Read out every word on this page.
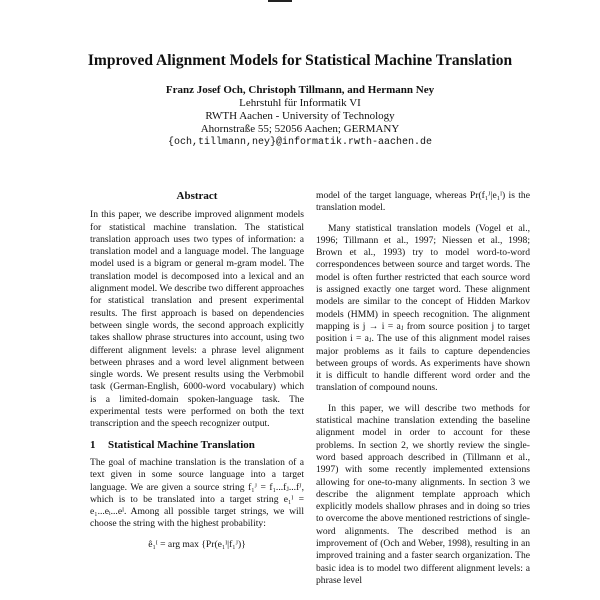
Improved Alignment Models for Statistical Machine Translation
Franz Josef Och, Christoph Tillmann, and Hermann Ney
Lehrstuhl für Informatik VI
RWTH Aachen - University of Technology
Ahornstraße 55; 52056 Aachen; GERMANY
{och,tillmann,ney}@informatik.rwth-aachen.de
Abstract

In this paper, we describe improved alignment models for statistical machine translation. The statistical translation approach uses two types of information: a translation model and a language model. The language model used is a bigram or general m-gram model. The translation model is decomposed into a lexical and an alignment model. We describe two different approaches for statistical translation and present experimental results. The first approach is based on dependencies between single words, the second approach explicitly takes shallow phrase structures into account, using two different alignment levels: a phrase level alignment between phrases and a word level alignment between single words. We present results using the Verbmobil task (German-English, 6000-word vocabulary) which is a limited-domain spoken-language task. The experimental tests were performed on both the text transcription and the speech recognizer output.

1 Statistical Machine Translation

The goal of machine translation is the translation of a text given in some source language into a target language. We are given a source string f₁ᴶ = f₁...fⱼ...fᴶ, which is to be translated into a target string e₁ᴵ = e₁...eᵢ...eᴵ. Among all possible target strings, we will choose the string with the highest probability:

ê₁ᴵ = arg max {Pr(e₁ᴵ|f₁ᴶ)}

model of the target language, whereas Pr(f₁ᴶ|e₁ᴵ) is the translation model.

Many statistical translation models (Vogel et al., 1996; Tillmann et al., 1997; Niessen et al., 1998; Brown et al., 1993) try to model word-to-word correspondences between source and target words. The model is often further restricted that each source word is assigned exactly one target word. These alignment models are similar to the concept of Hidden Markov models (HMM) in speech recognition. The alignment mapping is j → i = aⱼ from source position j to target position i = aⱼ. The use of this alignment model raises major problems as it fails to capture dependencies between groups of words. As experiments have shown it is difficult to handle different word order and the translation of compound nouns.

In this paper, we will describe two methods for statistical machine translation extending the baseline alignment model in order to account for these problems. In section 2, we shortly review the single-word based approach described in (Tillmann et al., 1997) with some recently implemented extensions allowing for one-to-many alignments. In section 3 we describe the alignment template approach which explicitly models shallow phrases and in doing so tries to overcome the above mentioned restrictions of single-word alignments. The described method is an improvement of (Och and Weber, 1998), resulting in an improved training and a faster search organization. The basic idea is to model two different alignment levels: a phrase level
